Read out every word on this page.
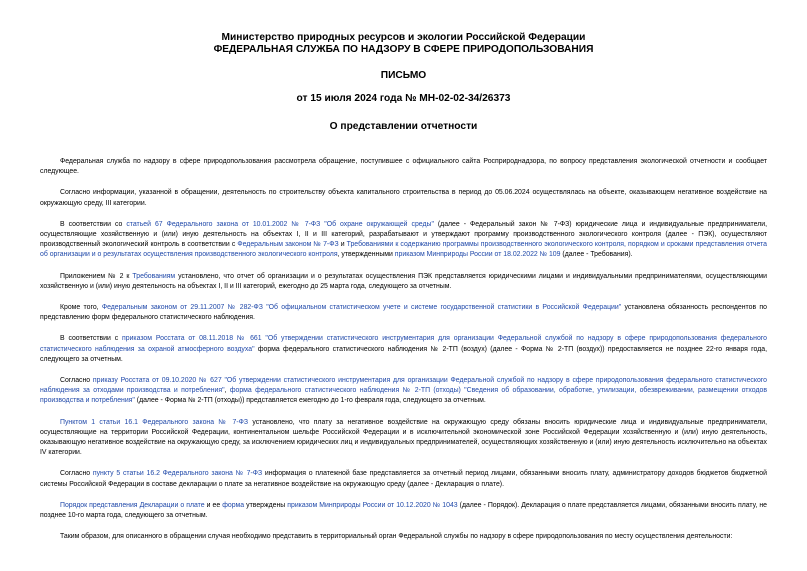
Министерство природных ресурсов и экологии Российской Федерации
ФЕДЕРАЛЬНАЯ СЛУЖБА ПО НАДЗОРУ В СФЕРЕ ПРИРОДОПОЛЬЗОВАНИЯ
ПИСЬМО
от 15 июля 2024 года № МН-02-02-34/26373
О представлении отчетности

Федеральная служба по надзору в сфере природопользования рассмотрела обращение, поступившее с официального сайта Росприроднадзора, по вопросу представления экологической отчетности и сообщает следующее.

Согласно информации, указанной в обращении, деятельность по строительству объекта капитального строительства в период до 05.06.2024 осуществлялась на объекте, оказывающем негативное воздействие на окружающую среду, III категории.

В соответствии со статьей 67 Федерального закона от 10.01.2002 № 7-ФЗ "Об охране окружающей среды" (далее - Федеральный закон № 7-ФЗ) юридические лица и индивидуальные предприниматели, осуществляющие хозяйственную и (или) иную деятельность на объектах I, II и III категорий, разрабатывают и утверждают программу производственного экологического контроля (далее - ПЭК), осуществляют производственный экологический контроль в соответствии с Федеральным законом № 7-ФЗ и Требованиями к содержанию программы производственного экологического контроля, порядком и сроками представления отчета об организации и о результатах осуществления производственного экологического контроля, утвержденными приказом Минприроды России от 18.02.2022 № 109 (далее - Требования).

Приложением № 2 к Требованиям установлено, что отчет об организации и о результатах осуществления ПЭК представляется юридическими лицами и индивидуальными предпринимателями, осуществляющими хозяйственную и (или) иную деятельность на объектах I, II и III категорий, ежегодно до 25 марта года, следующего за отчетным.

Кроме того, Федеральным законом от 29.11.2007 № 282-ФЗ "Об официальном статистическом учете и системе государственной статистики в Российской Федерации" установлена обязанность респондентов по представлению форм федерального статистического наблюдения.

В соответствии с приказом Росстата от 08.11.2018 № 661 "Об утверждении статистического инструментария для организации Федеральной службой по надзору в сфере природопользования федерального статистического наблюдения за охраной атмосферного воздуха" форма федерального статистического наблюдения № 2-ТП (воздух) (далее - Форма № 2-ТП (воздух)) предоставляется не позднее 22-го января года, следующего за отчетным.

Согласно приказу Росстата от 09.10.2020 № 627 "Об утверждении статистического инструментария для организации Федеральной службой по надзору в сфере природопользования федерального статистического наблюдения за отходами производства и потребления", форма федерального статистического наблюдения № 2-ТП (отходы) "Сведения об образовании, обработке, утилизации, обезвреживании, размещении отходов производства и потребления" (далее - Форма № 2-ТП (отходы)) представляется ежегодно до 1-го февраля года, следующего за отчетным.

Пунктом 1 статьи 16.1 Федерального закона № 7-ФЗ установлено, что плату за негативное воздействие на окружающую среду обязаны вносить юридические лица и индивидуальные предприниматели, осуществляющие на территории Российской Федерации, континентальном шельфе Российской Федерации и в исключительной экономической зоне Российской Федерации хозяйственную и (или) иную деятельность, оказывающую негативное воздействие на окружающую среду, за исключением юридических лиц и индивидуальных предпринимателей, осуществляющих хозяйственную и (или) иную деятельность исключительно на объектах IV категории.

Согласно пункту 5 статьи 16.2 Федерального закона № 7-ФЗ информация о платежной базе представляется за отчетный период лицами, обязанными вносить плату, администратору доходов бюджетов бюджетной системы Российской Федерации в составе декларации о плате за негативное воздействие на окружающую среду (далее - Декларация о плате).

Порядок представления Декларации о плате и ее форма утверждены приказом Минприроды России от 10.12.2020 № 1043 (далее - Порядок). Декларация о плате представляется лицами, обязанными вносить плату, не позднее 10-го марта года, следующего за отчетным.

Таким образом, для описанного в обращении случая необходимо представить в территориальный орган Федеральной службы по надзору в сфере природопользования по месту осуществления деятельности:
